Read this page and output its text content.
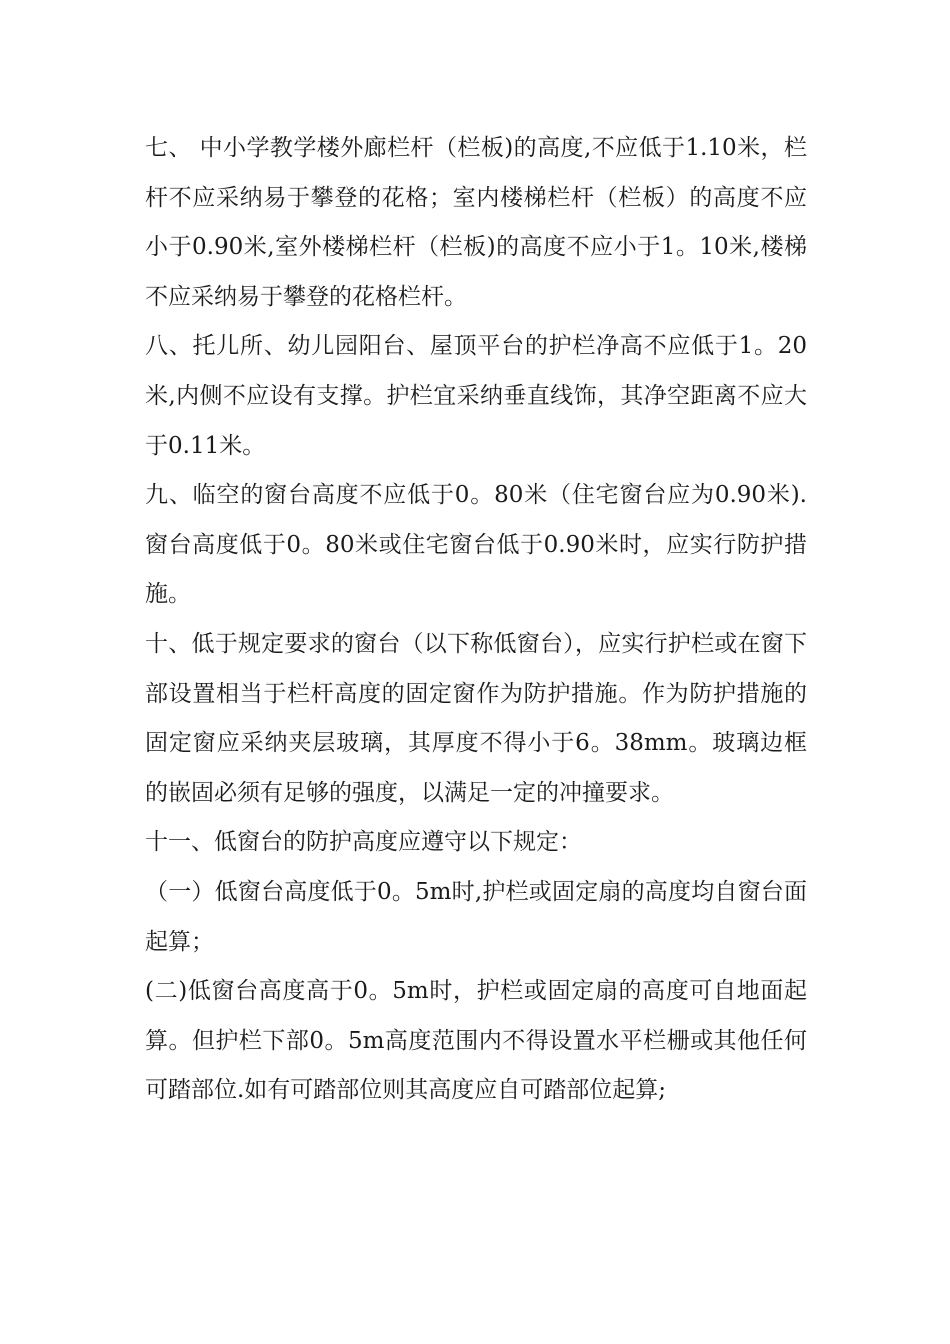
七、 中小学教学楼外廊栏杆（栏板)的高度,不应低于1.10米，栏杆不应采纳易于攀登的花格；室内楼梯栏杆（栏板）的高度不应小于0.90米,室外楼梯栏杆（栏板)的高度不应小于1。10米,楼梯不应采纳易于攀登的花格栏杆。

八、托儿所、幼儿园阳台、屋顶平台的护栏净高不应低于1。20米,内侧不应设有支撑。护栏宜采纳垂直线饰，其净空距离不应大于0.11米。

九、临空的窗台高度不应低于0。80米（住宅窗台应为0.90米).窗台高度低于0。80米或住宅窗台低于0.90米时，应实行防护措施。

十、低于规定要求的窗台（以下称低窗台），应实行护栏或在窗下部设置相当于栏杆高度的固定窗作为防护措施。作为防护措施的固定窗应采纳夹层玻璃，其厚度不得小于6。38mm。玻璃边框的嵌固必须有足够的强度，以满足一定的冲撞要求。

十一、低窗台的防护高度应遵守以下规定：

（一）低窗台高度低于0。5m时,护栏或固定扇的高度均自窗台面起算；

(二)低窗台高度高于0。5m时，护栏或固定扇的高度可自地面起算。但护栏下部0。5m高度范围内不得设置水平栏栅或其他任何可踏部位.如有可踏部位则其高度应自可踏部位起算;
